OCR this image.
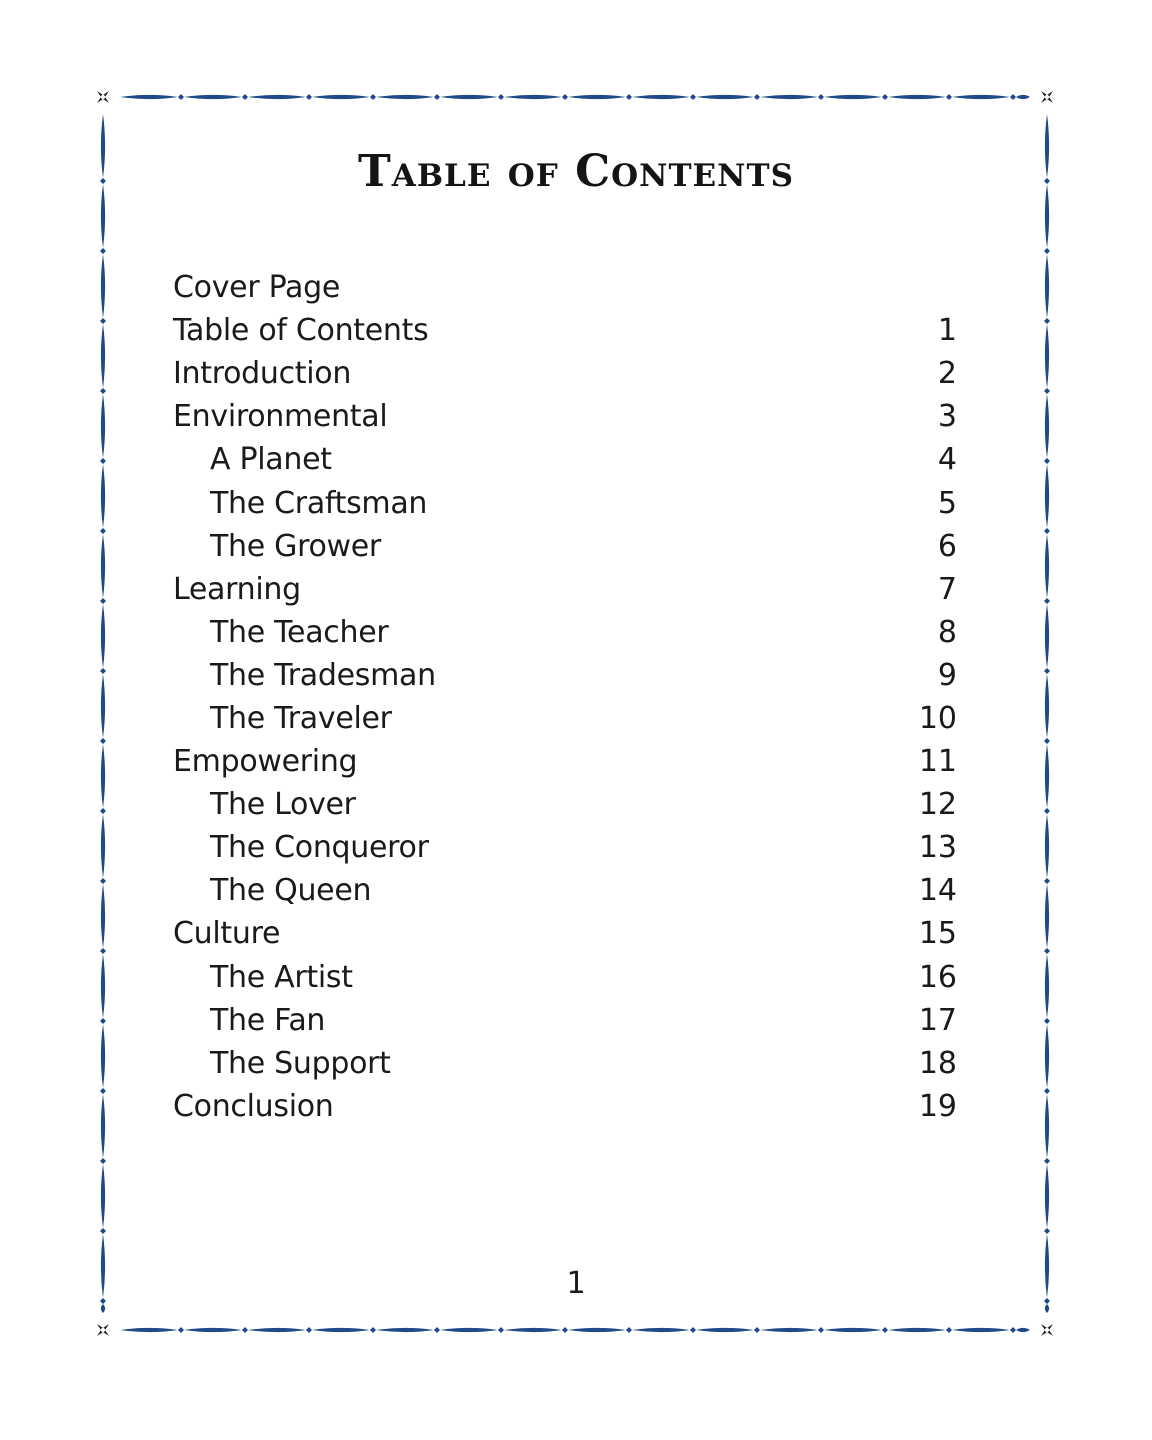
Table of Contents
Cover Page
Table of Contents	1
Introduction	2
Environmental	3
A Planet	4
The Craftsman	5
The Grower	6
Learning	7
The Teacher	8
The Tradesman	9
The Traveler	10
Empowering	11
The Lover	12
The Conqueror	13
The Queen	14
Culture	15
The Artist	16
The Fan	17
The Support	18
Conclusion	19

1
